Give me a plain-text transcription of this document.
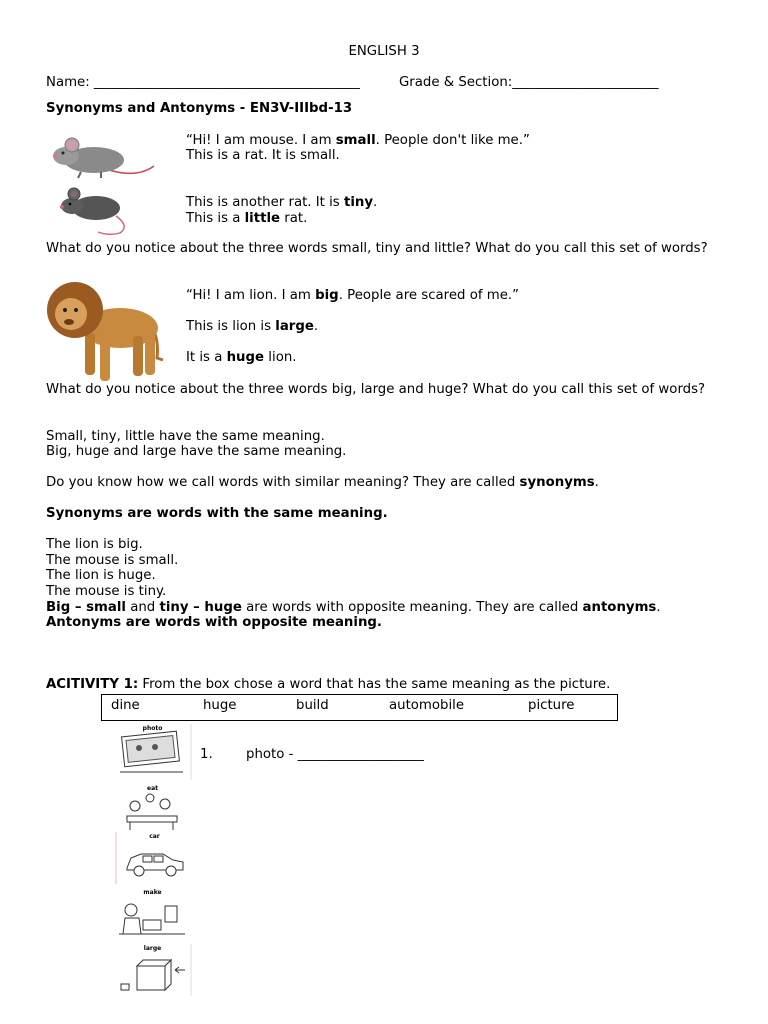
ENGLISH 3
Name: ________________________________________	Grade & Section:______________________
Synonyms and Antonyms - EN3V-IIIbd-13
“Hi! I am mouse. I am small. People don't like me.”
This is a rat. It is small.
This is another rat. It is tiny.
This is a little rat.
What do you notice about the three words small, tiny and little? What do you call this set of words?
“Hi! I am lion. I am big. People are scared of me.”
This is lion is large.
It is a huge lion.
What do you notice about the three words big, large and huge? What do you call this set of words?
Small, tiny, little have the same meaning.
Big, huge and large have the same meaning.
Do you know how we call words with similar meaning? They are called synonyms.
Synonyms are words with the same meaning.
The lion is big.
The mouse is small.
The lion is huge.
The mouse is tiny.
Big – small and tiny – huge are words with opposite meaning. They are called antonyms.
Antonyms are words with opposite meaning.
ACITIVITY 1: From the box chose a word that has the same meaning as the picture.
dine	huge	build	automobile	picture
photo
eat
car
make
large
1.	photo - ___________________
